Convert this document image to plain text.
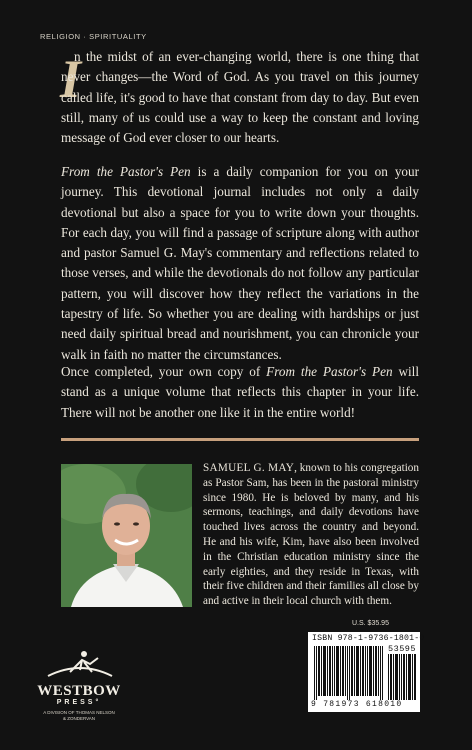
RELIGION · SPIRITUALITY
I
n the midst of an ever-changing world, there is one thing that never changes—the Word of God. As you travel on this journey called life, it's good to have that constant from day to day. But even still, many of us could use a way to keep the constant and loving message of God ever closer to our hearts.
From the Pastor's Pen is a daily companion for you on your journey. This devotional journal includes not only a daily devotional but also a space for you to write down your thoughts. For each day, you will find a passage of scripture along with author and pastor Samuel G. May's commentary and reflections related to those verses, and while the devotionals do not follow any particular pattern, you will discover how they reflect the variations in the tapestry of life. So whether you are dealing with hardships or just need daily spiritual bread and nourishment, you can chronicle your walk in faith no matter the circumstances.
Once completed, your own copy of From the Pastor's Pen will stand as a unique volume that reflects this chapter in your life. There will not be another one like it in the entire world!
SAMUEL G. MAY, known to his congregation as Pastor Sam, has been in the pastoral ministry since 1980. He is beloved by many, and his sermons, teachings, and daily devotions have touched lives across the country and beyond. He and his wife, Kim, have also been involved in the Christian education ministry since the early eighties, and they reside in Texas, with their five children and their families all close by and active in their local church with them.
U.S. $35.95
ISBN 978-1-9736-1801-0
53595
9 781973 618010
WESTBOW
PRESS°
A DIVISION OF THOMAS NELSON
& ZONDERVAN
